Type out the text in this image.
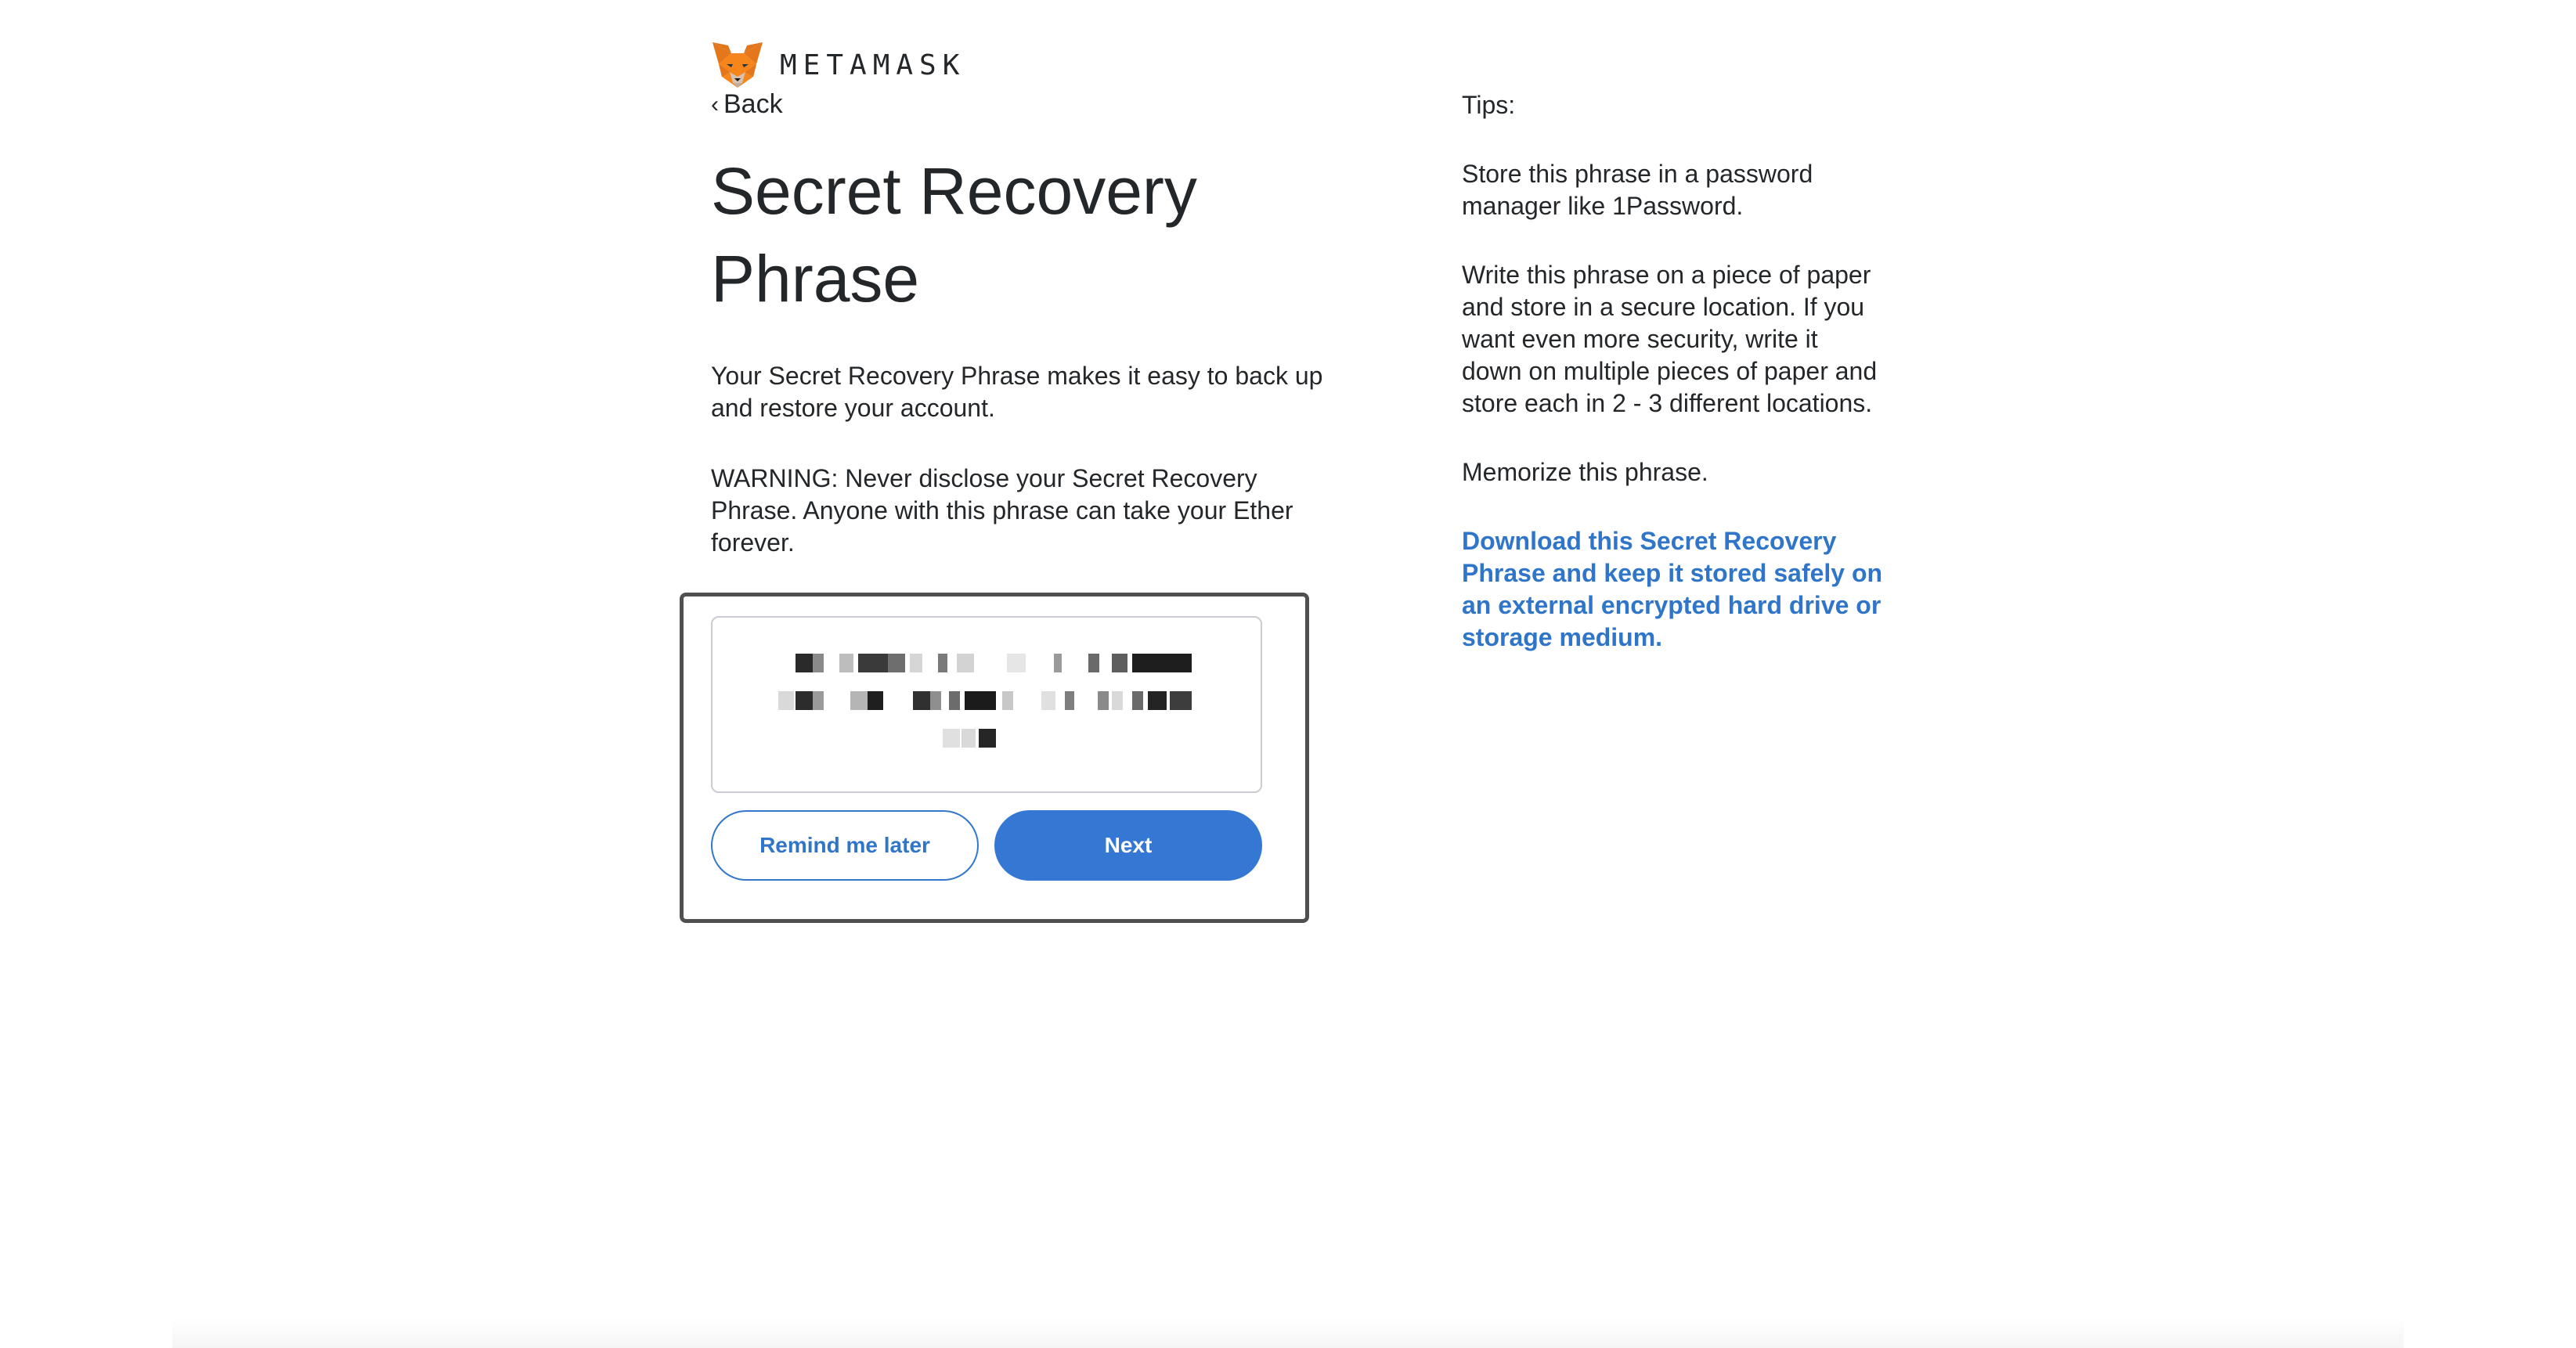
METAMASK
‹ Back
Secret Recovery Phrase

Your Secret Recovery Phrase makes it easy to back up and restore your account.

WARNING: Never disclose your Secret Recovery Phrase. Anyone with this phrase can take your Ether forever.

Remind me later	Next

Tips:

Store this phrase in a password manager like 1Password.

Write this phrase on a piece of paper and store in a secure location. If you want even more security, write it down on multiple pieces of paper and store each in 2 - 3 different locations.

Memorize this phrase.

Download this Secret Recovery Phrase and keep it stored safely on an external encrypted hard drive or storage medium.
